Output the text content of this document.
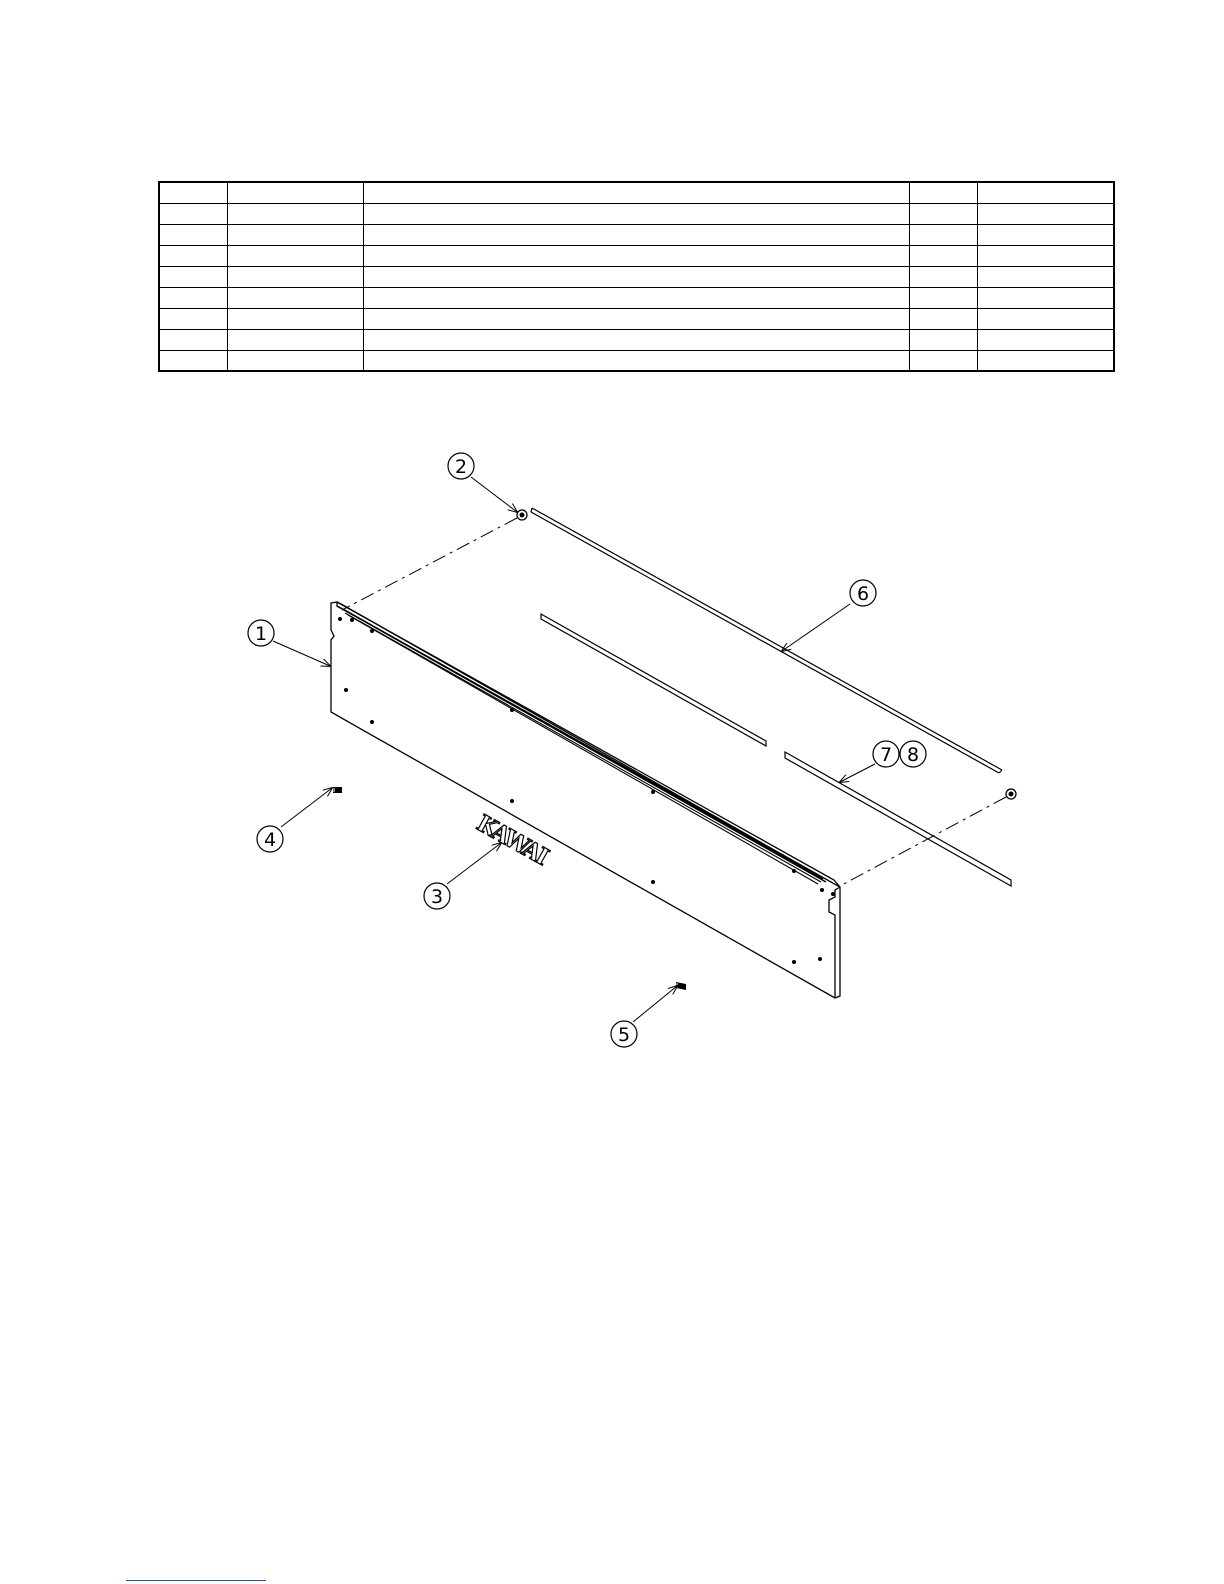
KAWAI
1
2
3
4
5
6
7 8
